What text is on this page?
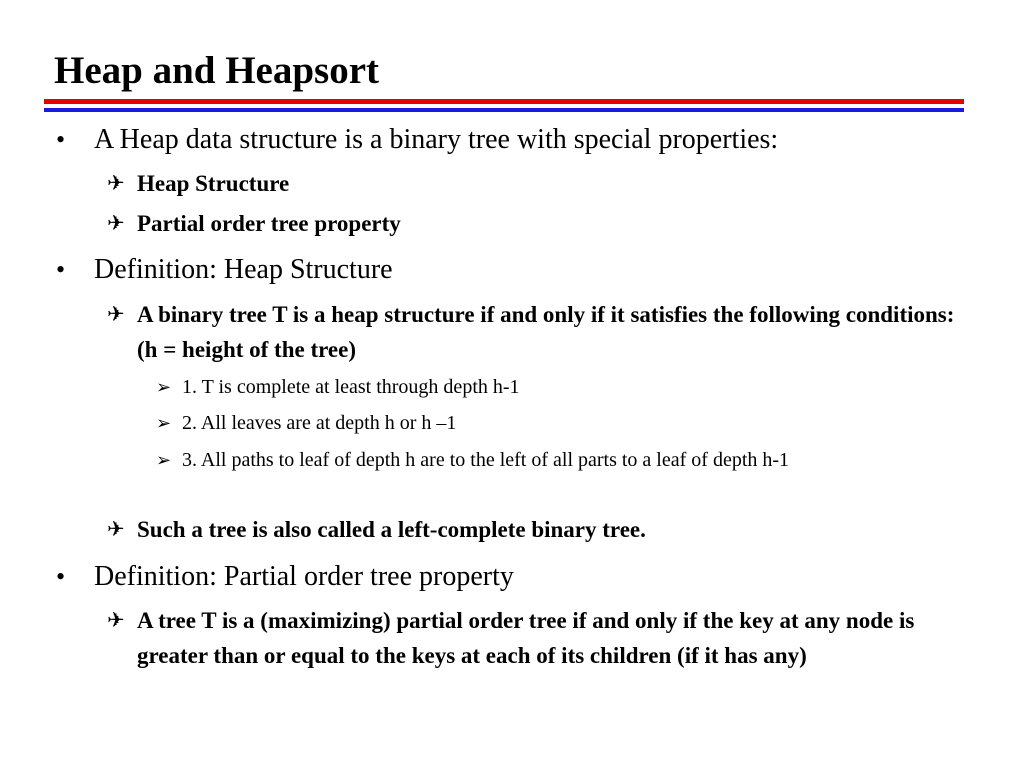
Heap and Heapsort
• A Heap data structure is a binary tree with special properties:
✈ Heap Structure
✈ Partial order tree property
• Definition: Heap Structure
✈ A binary tree T is a heap structure if and only if it satisfies the following conditions: (h = height of the tree)
➢ 1. T is complete at least through depth h-1
➢ 2. All leaves are at depth h or h –1
➢ 3. All paths to leaf of depth h are to the left of all parts to a leaf of depth h-1
✈ Such a tree is also called a left-complete binary tree.
• Definition: Partial order tree property
✈ A tree T is a (maximizing) partial order tree if and only if the key at any node is greater than or equal to the keys at each of its children (if it has any)
